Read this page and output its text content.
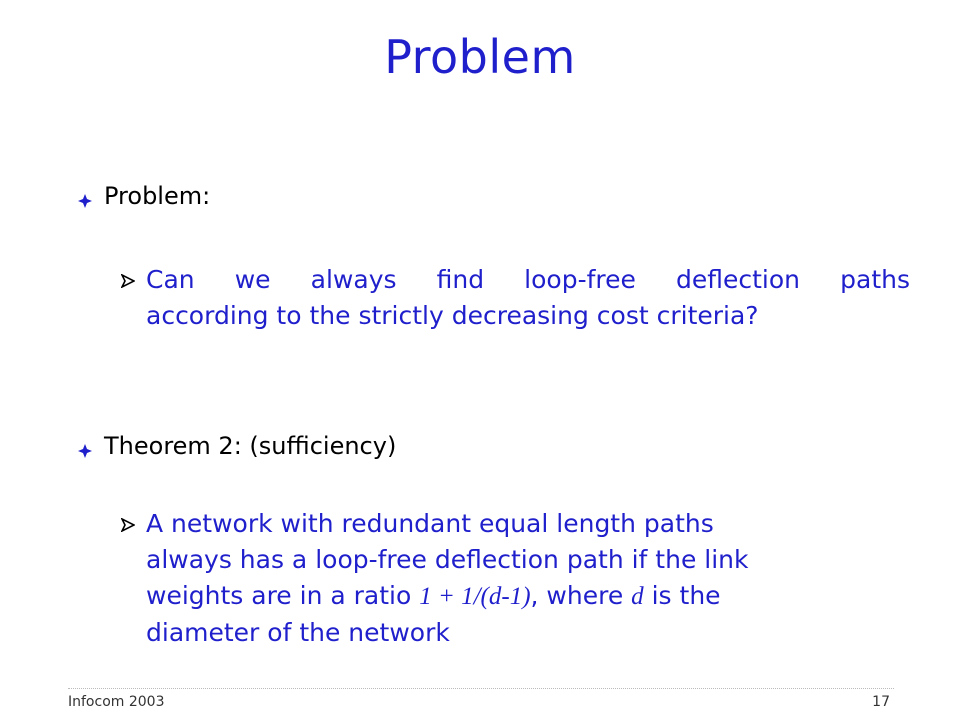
Problem
Problem:
Can we always find loop-free deflection paths
according to the strictly decreasing cost criteria?
Theorem 2: (sufficiency)
A network with redundant equal length paths
always has a loop-free deflection path if the link
weights are in a ratio 1 + 1/(d-1), where d is the
diameter of the network
Infocom 2003	17
